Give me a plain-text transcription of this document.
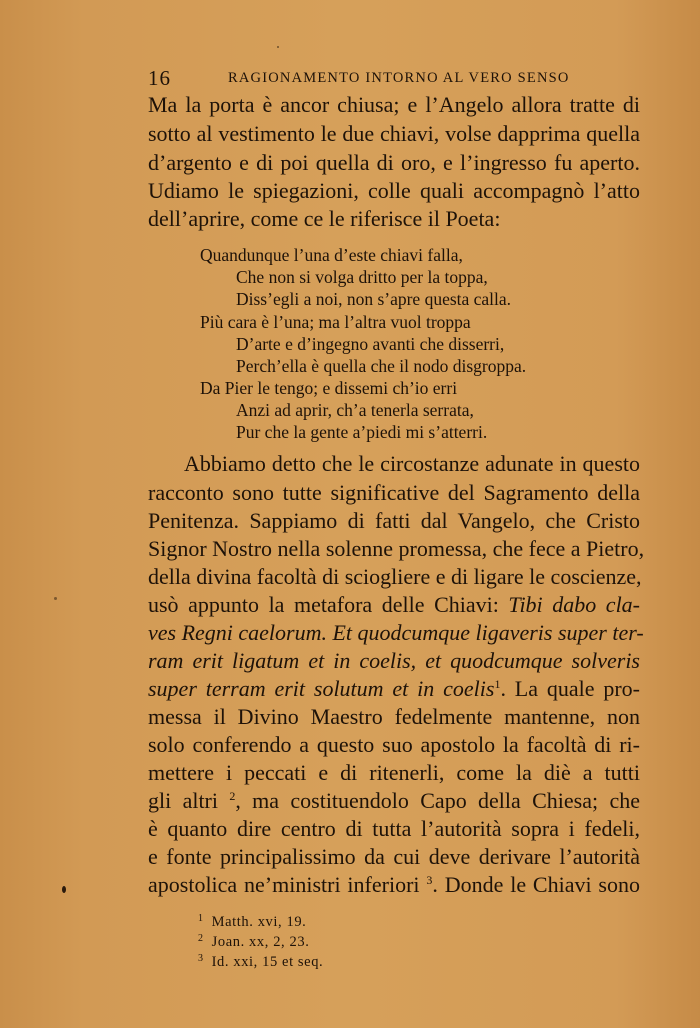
16	RAGIONAMENTO INTORNO AL VERO SENSO
Ma la porta è ancor chiusa; e l’Angelo allora tratte di
sotto al vestimento le due chiavi, volse dapprima quella
d’argento e di poi quella di oro, e l’ingresso fu aperto.
Udiamo le spiegazioni, colle quali accompagnò l’atto
dell’aprire, come ce le riferisce il Poeta:
Quandunque l’una d’este chiavi falla,
Che non si volga dritto per la toppa,
Diss’egli a noi, non s’apre questa calla.
Più cara è l’una; ma l’altra vuol troppa
D’arte e d’ingegno avanti che disserri,
Perch’ella è quella che il nodo disgroppa.
Da Pier le tengo; e dissemi ch’io erri
Anzi ad aprir, ch’a tenerla serrata,
Pur che la gente a’piedi mi s’atterri.
Abbiamo detto che le circostanze adunate in questo
racconto sono tutte significative del Sagramento della
Penitenza. Sappiamo di fatti dal Vangelo, che Cristo
Signor Nostro nella solenne promessa, che fece a Pietro,
della divina facoltà di sciogliere e di ligare le coscienze,
usò appunto la metafora delle Chiavi: Tibi dabo cla-
ves Regni caelorum. Et quodcumque ligaveris super ter-
ram erit ligatum et in coelis, et quodcumque solveris
super terram erit solutum et in coelis$^1$. La quale pro-
messa il Divino Maestro fedelmente mantenne, non
solo conferendo a questo suo apostolo la facoltà di ri-
mettere i peccati e di ritenerli, come la diè a tutti
gli altri $^2$, ma costituendolo Capo della Chiesa; che
è quanto dire centro di tutta l’autorità sopra i fedeli,
e fonte principalissimo da cui deve derivare l’autorità
apostolica ne’ministri inferiori $^3$. Donde le Chiavi sono
$^1$ Matth. xvi, 19.
$^2$ Joan. xx, 2, 23.
$^3$ Id. xxi, 15 et seq.
